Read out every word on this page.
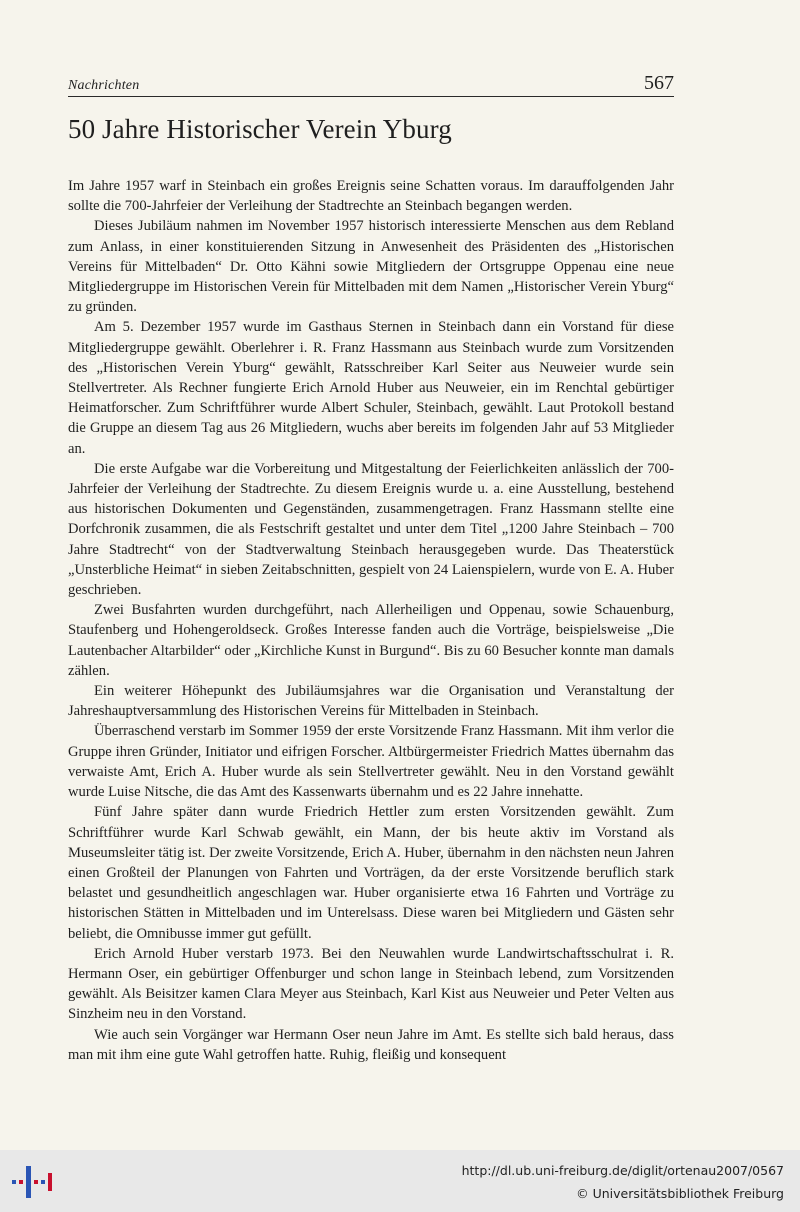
Nachrichten	567
50 Jahre Historischer Verein Yburg

Im Jahre 1957 warf in Steinbach ein großes Ereignis seine Schatten voraus. Im darauffolgenden Jahr sollte die 700-Jahrfeier der Verleihung der Stadtrechte an Steinbach begangen werden.

Dieses Jubiläum nahmen im November 1957 historisch interessierte Menschen aus dem Rebland zum Anlass, in einer konstituierenden Sitzung in Anwesenheit des Präsidenten des „Historischen Vereins für Mittelbaden“ Dr. Otto Kähni sowie Mitgliedern der Ortsgruppe Oppenau eine neue Mitgliedergruppe im Historischen Verein für Mittelbaden mit dem Namen „Historischer Verein Yburg“ zu gründen.

Am 5. Dezember 1957 wurde im Gasthaus Sternen in Steinbach dann ein Vorstand für diese Mitgliedergruppe gewählt. Oberlehrer i. R. Franz Hassmann aus Steinbach wurde zum Vorsitzenden des „Historischen Verein Yburg“ gewählt, Ratsschreiber Karl Seiter aus Neuweier wurde sein Stellvertreter. Als Rechner fungierte Erich Arnold Huber aus Neuweier, ein im Renchtal gebürtiger Heimatforscher. Zum Schriftführer wurde Albert Schuler, Steinbach, gewählt. Laut Protokoll bestand die Gruppe an diesem Tag aus 26 Mitgliedern, wuchs aber bereits im folgenden Jahr auf 53 Mitglieder an.

Die erste Aufgabe war die Vorbereitung und Mitgestaltung der Feierlichkeiten anlässlich der 700-Jahrfeier der Verleihung der Stadtrechte. Zu diesem Ereignis wurde u. a. eine Ausstellung, bestehend aus historischen Dokumenten und Gegenständen, zusammengetragen. Franz Hassmann stellte eine Dorfchronik zusammen, die als Festschrift gestaltet und unter dem Titel „1200 Jahre Steinbach – 700 Jahre Stadtrecht“ von der Stadtverwaltung Steinbach herausgegeben wurde. Das Theaterstück „Unsterbliche Heimat“ in sieben Zeitabschnitten, gespielt von 24 Laienspielern, wurde von E. A. Huber geschrieben.

Zwei Busfahrten wurden durchgeführt, nach Allerheiligen und Oppenau, sowie Schauenburg, Staufenberg und Hohengeroldseck. Großes Interesse fanden auch die Vorträge, beispielsweise „Die Lautenbacher Altarbilder“ oder „Kirchliche Kunst in Burgund“. Bis zu 60 Besucher konnte man damals zählen.

Ein weiterer Höhepunkt des Jubiläumsjahres war die Organisation und Veranstaltung der Jahreshauptversammlung des Historischen Vereins für Mittelbaden in Steinbach.

Überraschend verstarb im Sommer 1959 der erste Vorsitzende Franz Hassmann. Mit ihm verlor die Gruppe ihren Gründer, Initiator und eifrigen Forscher. Altbürgermeister Friedrich Mattes übernahm das verwaiste Amt, Erich A. Huber wurde als sein Stellvertreter gewählt. Neu in den Vorstand gewählt wurde Luise Nitsche, die das Amt des Kassenwarts übernahm und es 22 Jahre innehatte.

Fünf Jahre später dann wurde Friedrich Hettler zum ersten Vorsitzenden gewählt. Zum Schriftführer wurde Karl Schwab gewählt, ein Mann, der bis heute aktiv im Vorstand als Museumsleiter tätig ist. Der zweite Vorsitzende, Erich A. Huber, übernahm in den nächsten neun Jahren einen Großteil der Planungen von Fahrten und Vorträgen, da der erste Vorsitzende beruflich stark belastet und gesundheitlich angeschlagen war. Huber organisierte etwa 16 Fahrten und Vorträge zu historischen Stätten in Mittelbaden und im Unterelsass. Diese waren bei Mitgliedern und Gästen sehr beliebt, die Omnibusse immer gut gefüllt.

Erich Arnold Huber verstarb 1973. Bei den Neuwahlen wurde Landwirtschaftsschulrat i. R. Hermann Oser, ein gebürtiger Offenburger und schon lange in Steinbach lebend, zum Vorsitzenden gewählt. Als Beisitzer kamen Clara Meyer aus Steinbach, Karl Kist aus Neuweier und Peter Velten aus Sinzheim neu in den Vorstand.

Wie auch sein Vorgänger war Hermann Oser neun Jahre im Amt. Es stellte sich bald heraus, dass man mit ihm eine gute Wahl getroffen hatte. Ruhig, fleißig und konsequent

http://dl.ub.uni-freiburg.de/diglit/ortenau2007/0567
© Universitätsbibliothek Freiburg
